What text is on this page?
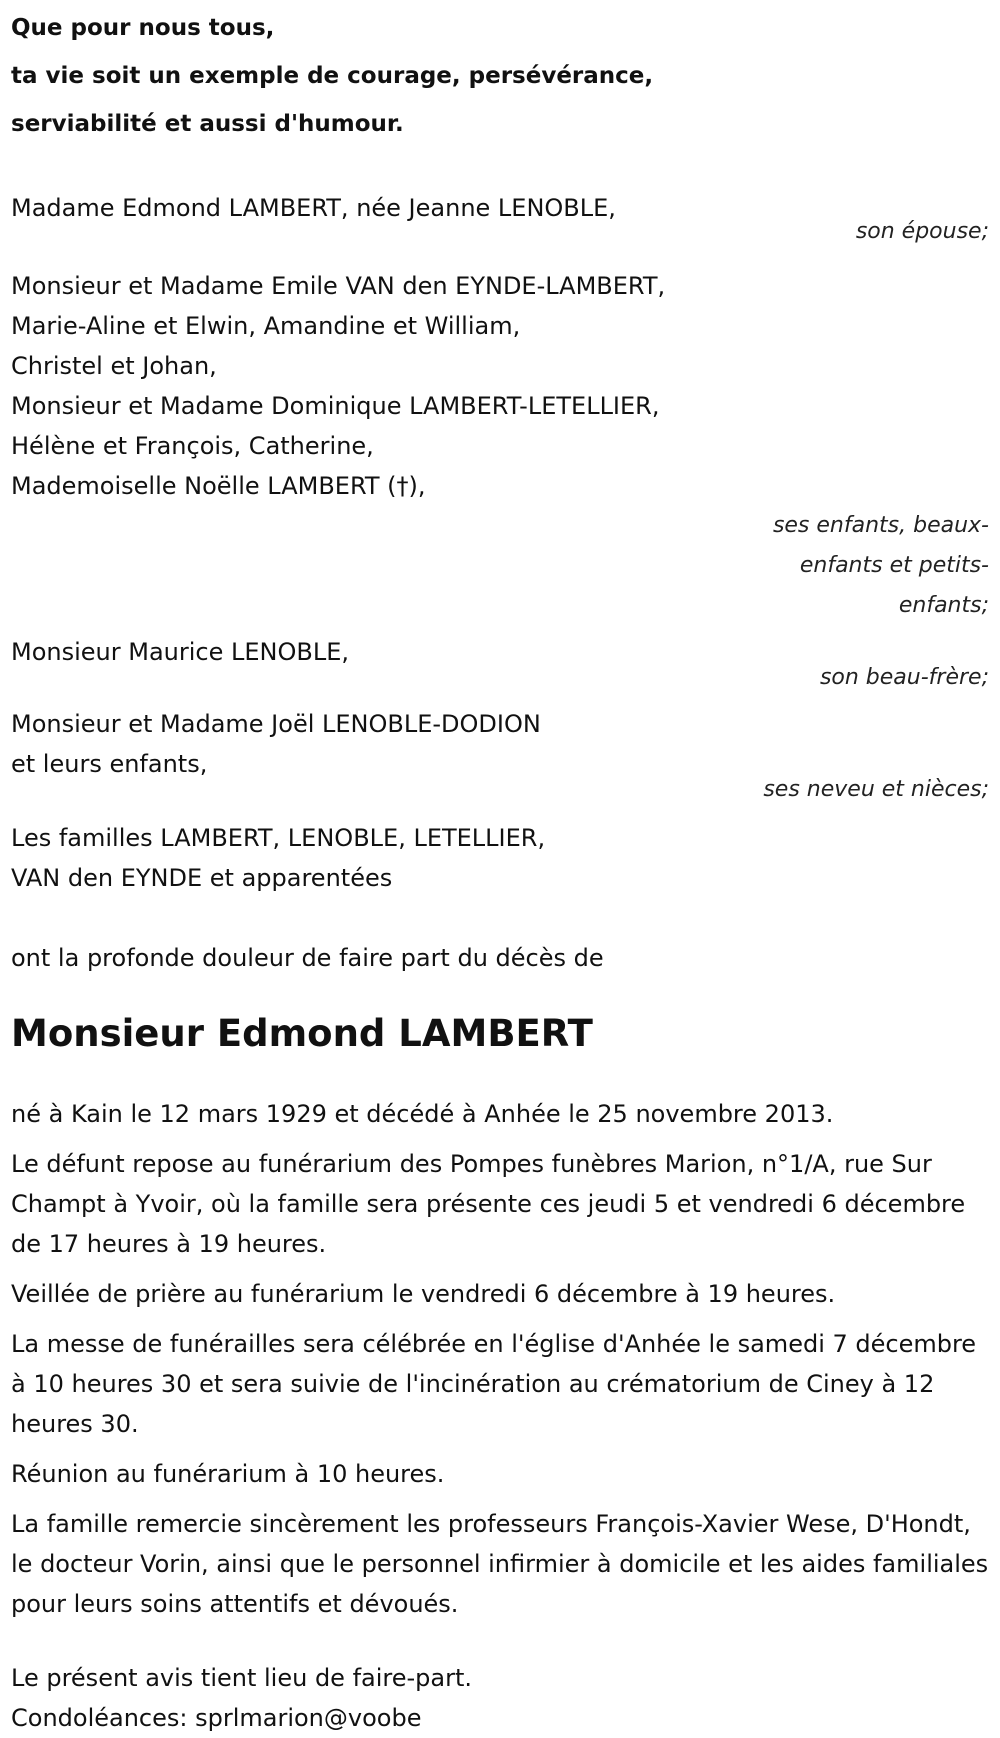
Que pour nous tous,
ta vie soit un exemple de courage, persévérance,
serviabilité et aussi d'humour.
Madame Edmond LAMBERT, née Jeanne LENOBLE,
son épouse;
Monsieur et Madame Emile VAN den EYNDE-LAMBERT,
Marie-Aline et Elwin, Amandine et William,
Christel et Johan,
Monsieur et Madame Dominique LAMBERT-LETELLIER,
Hélène et François, Catherine,
Mademoiselle Noëlle LAMBERT (†),
ses enfants, beaux-enfants et petits-enfants;
Monsieur Maurice LENOBLE,
son beau-frère;
Monsieur et Madame Joël LENOBLE-DODION
et leurs enfants,
ses neveu et nièces;
Les familles LAMBERT, LENOBLE, LETELLIER,
VAN den EYNDE et apparentées
ont la profonde douleur de faire part du décès de
Monsieur Edmond LAMBERT

né à Kain le 12 mars 1929 et décédé à Anhée le 25 novembre 2013.

Le défunt repose au funérarium des Pompes funèbres Marion, n°1/A, rue Sur Champt à Yvoir, où la famille sera présente ces jeudi 5 et vendredi 6 décembre de 17 heures à 19 heures.

Veillée de prière au funérarium le vendredi 6 décembre à 19 heures.

La messe de funérailles sera célébrée en l'église d'Anhée le samedi 7 décembre à 10 heures 30 et sera suivie de l'incinération au crématorium de Ciney à 12 heures 30.

Réunion au funérarium à 10 heures.

La famille remercie sincèrement les professeurs François-Xavier Wese, D'Hondt, le docteur Vorin, ainsi que le personnel infirmier à domicile et les aides familiales pour leurs soins attentifs et dévoués.

Le présent avis tient lieu de faire-part.
Condoléances: sprlmarion@voobe
